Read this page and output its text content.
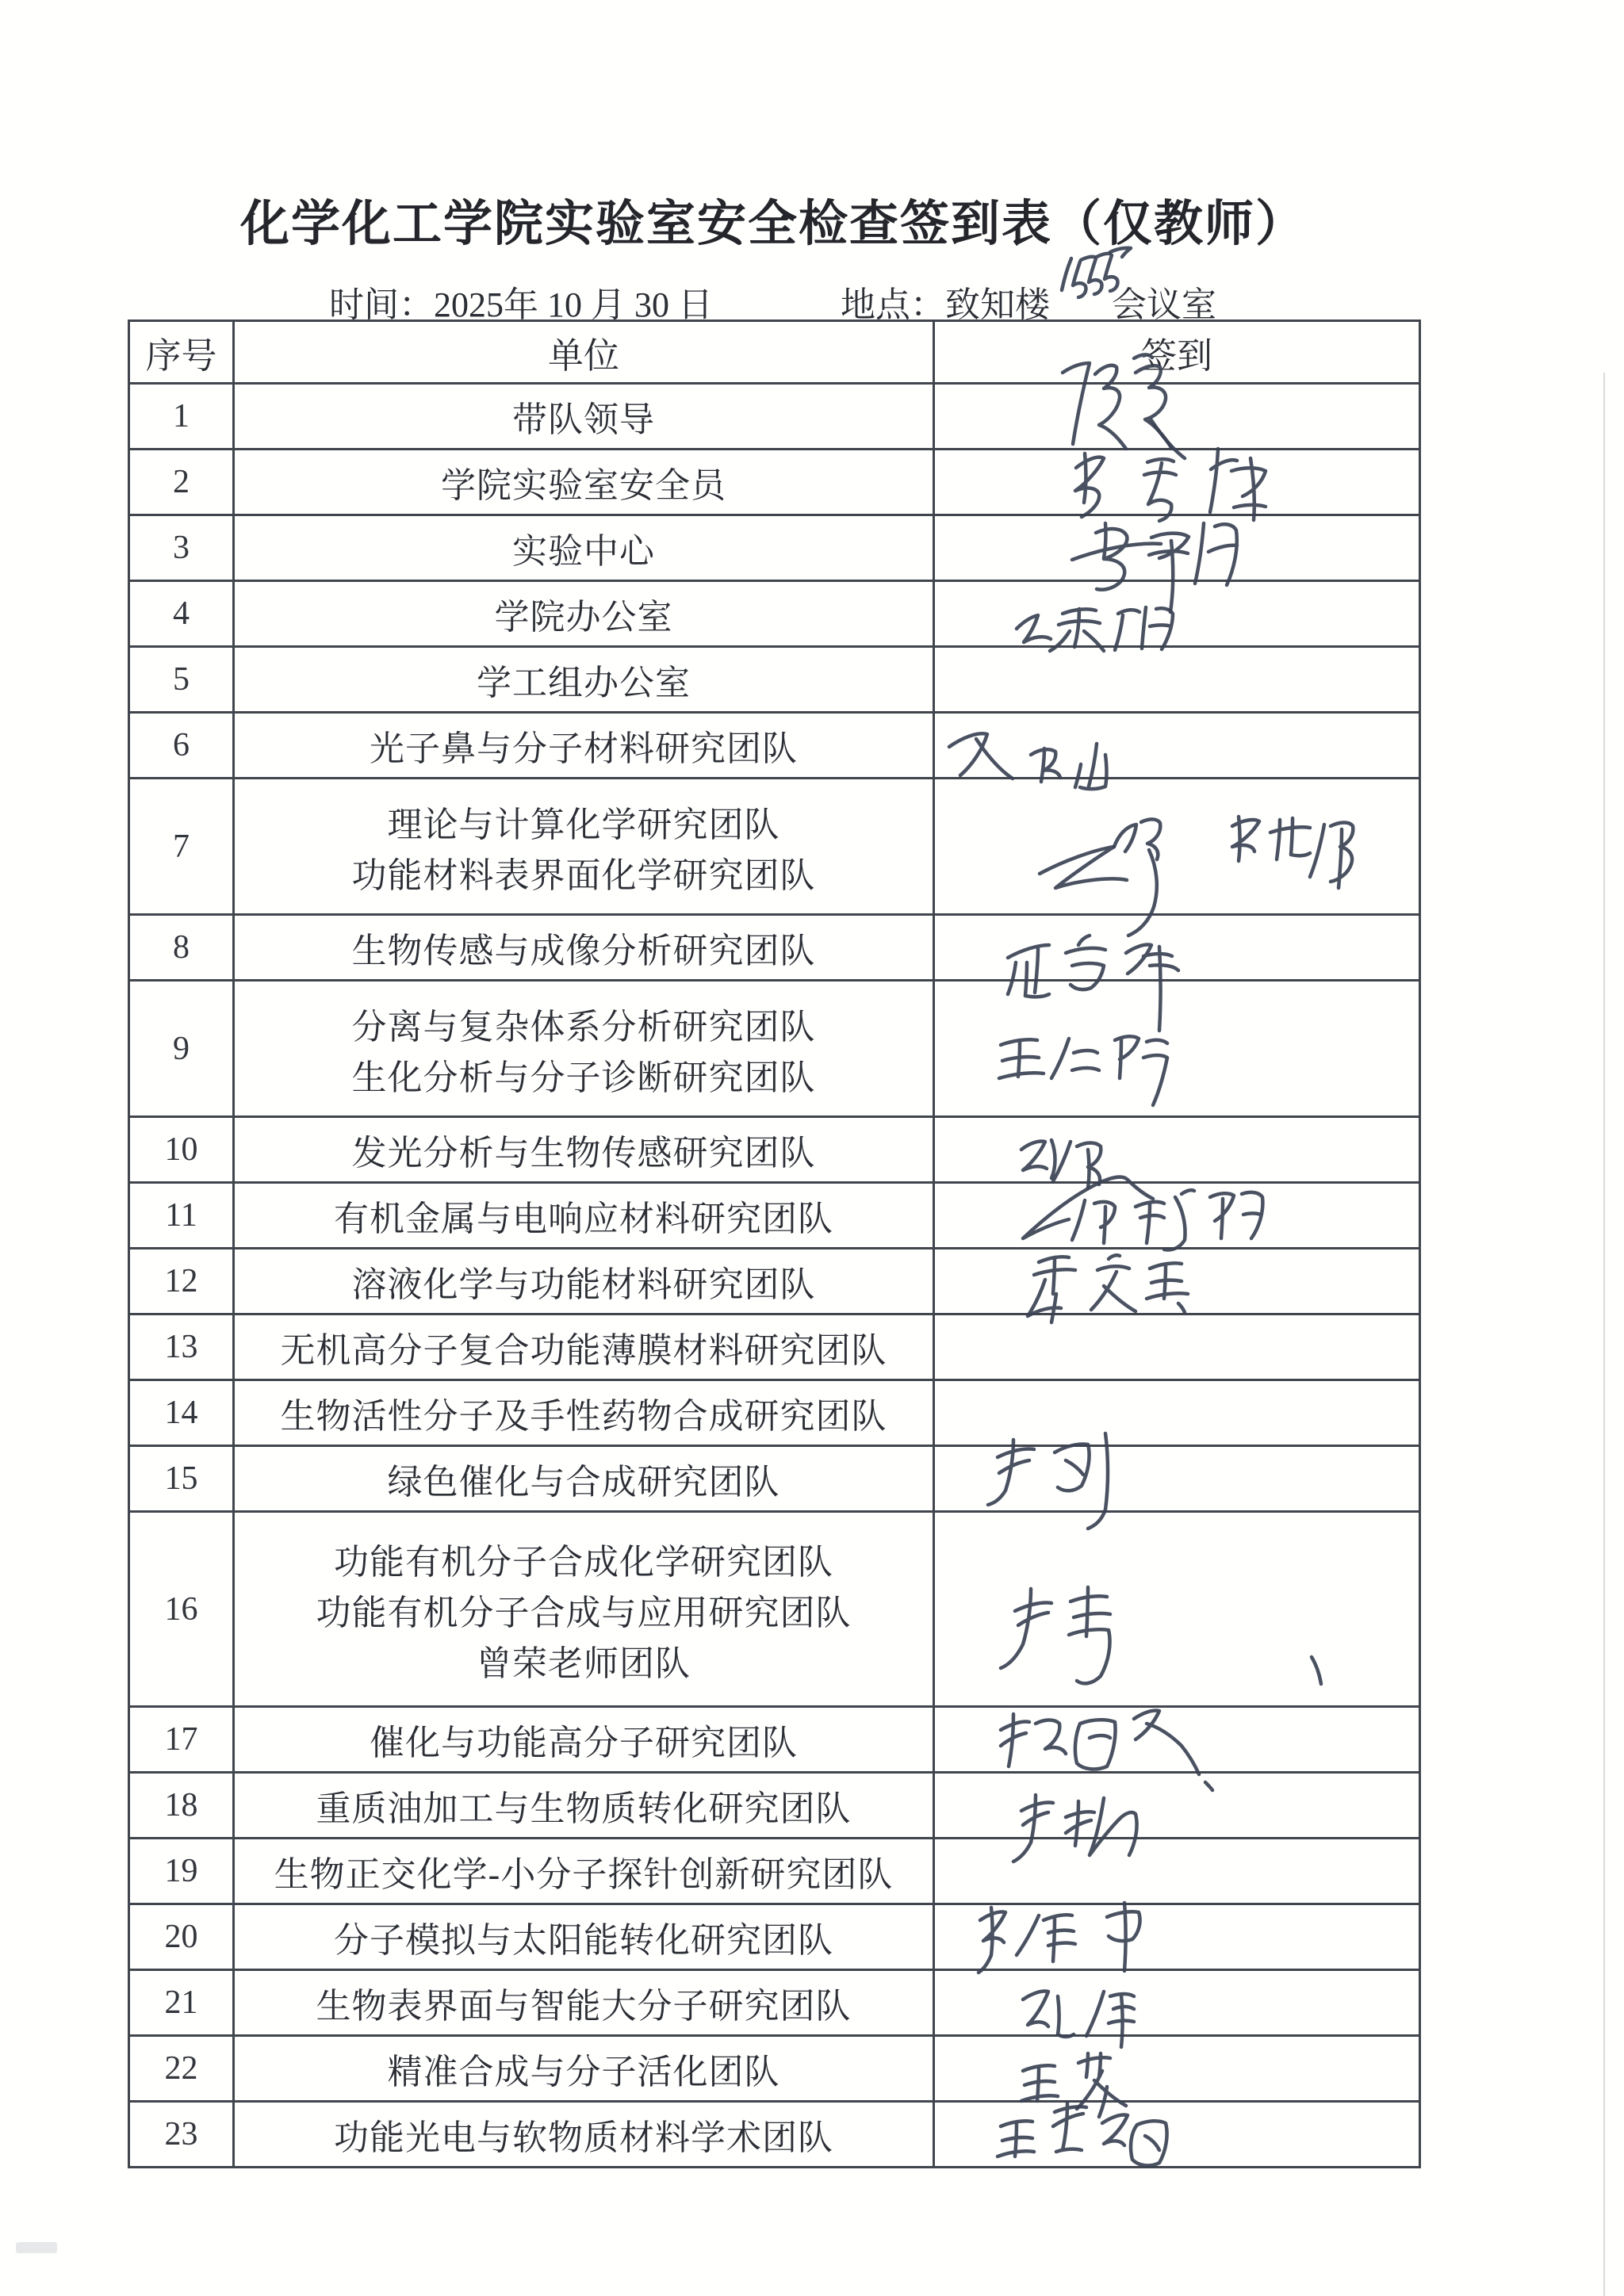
化学化工学院实验室安全检查签到表（仅教师）
时间：2025年 10 月 30 日	地点：致知楼 会议室
序号	单位	签到
1	带队领导	

2	学院实验室安全员	

3	实验中心	

4	学院办公室	

5	学工组办公室	

6	光子鼻与分子材料研究团队	

7	理论与计算化学研究团队
功能材料表界面化学研究团队	

8	生物传感与成像分析研究团队	

9	分离与复杂体系分析研究团队
生化分析与分子诊断研究团队	

10	发光分析与生物传感研究团队	

11	有机金属与电响应材料研究团队	

12	溶液化学与功能材料研究团队	

13	无机高分子复合功能薄膜材料研究团队	

14	生物活性分子及手性药物合成研究团队	

15	绿色催化与合成研究团队	

16	功能有机分子合成化学研究团队
功能有机分子合成与应用研究团队
曾荣老师团队	

17	催化与功能高分子研究团队	

18	重质油加工与生物质转化研究团队	

19	生物正交化学-小分子探针创新研究团队	

20	分子模拟与太阳能转化研究团队	

21	生物表界面与智能大分子研究团队	

22	精准合成与分子活化团队	

23	功能光电与软物质材料学术团队	
